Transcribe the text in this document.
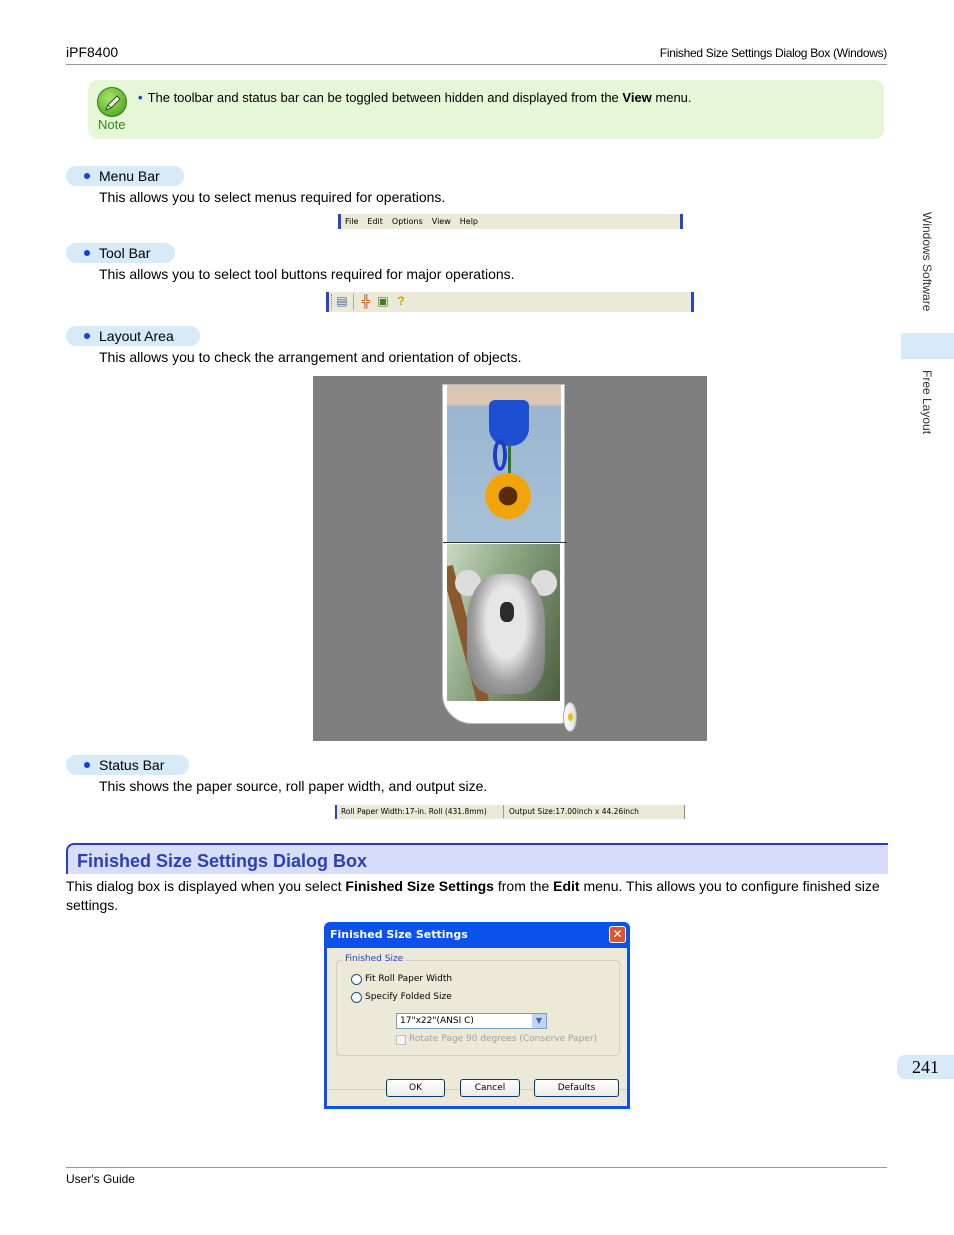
iPF8400	Finished Size Settings Dialog Box (Windows)
Note
• The toolbar and status bar can be toggled between hidden and displayed from the View menu.
Menu Bar
This allows you to select menus required for operations.
File Edit Options View Help
Tool Bar
This allows you to select tool buttons required for major operations.
▤ ╬ ▣ ?
Layout Area
This allows you to check the arrangement and orientation of objects.
Status Bar
This shows the paper source, roll paper width, and output size.
Roll Paper Width:17-in. Roll (431.8mm)	Output Size:17.00inch x 44.26inch
Finished Size Settings Dialog Box
This dialog box is displayed when you select Finished Size Settings from the Edit menu. This allows you to configure finished size settings.
Finished Size Settings	✕
Finished Size
Fit Roll Paper Width
Specify Folded Size
17"x22"(ANSI C)	▼
Rotate Page 90 degrees (Conserve Paper)
OK	Cancel	Defaults
Windows Software
Free Layout
241
User's Guide
